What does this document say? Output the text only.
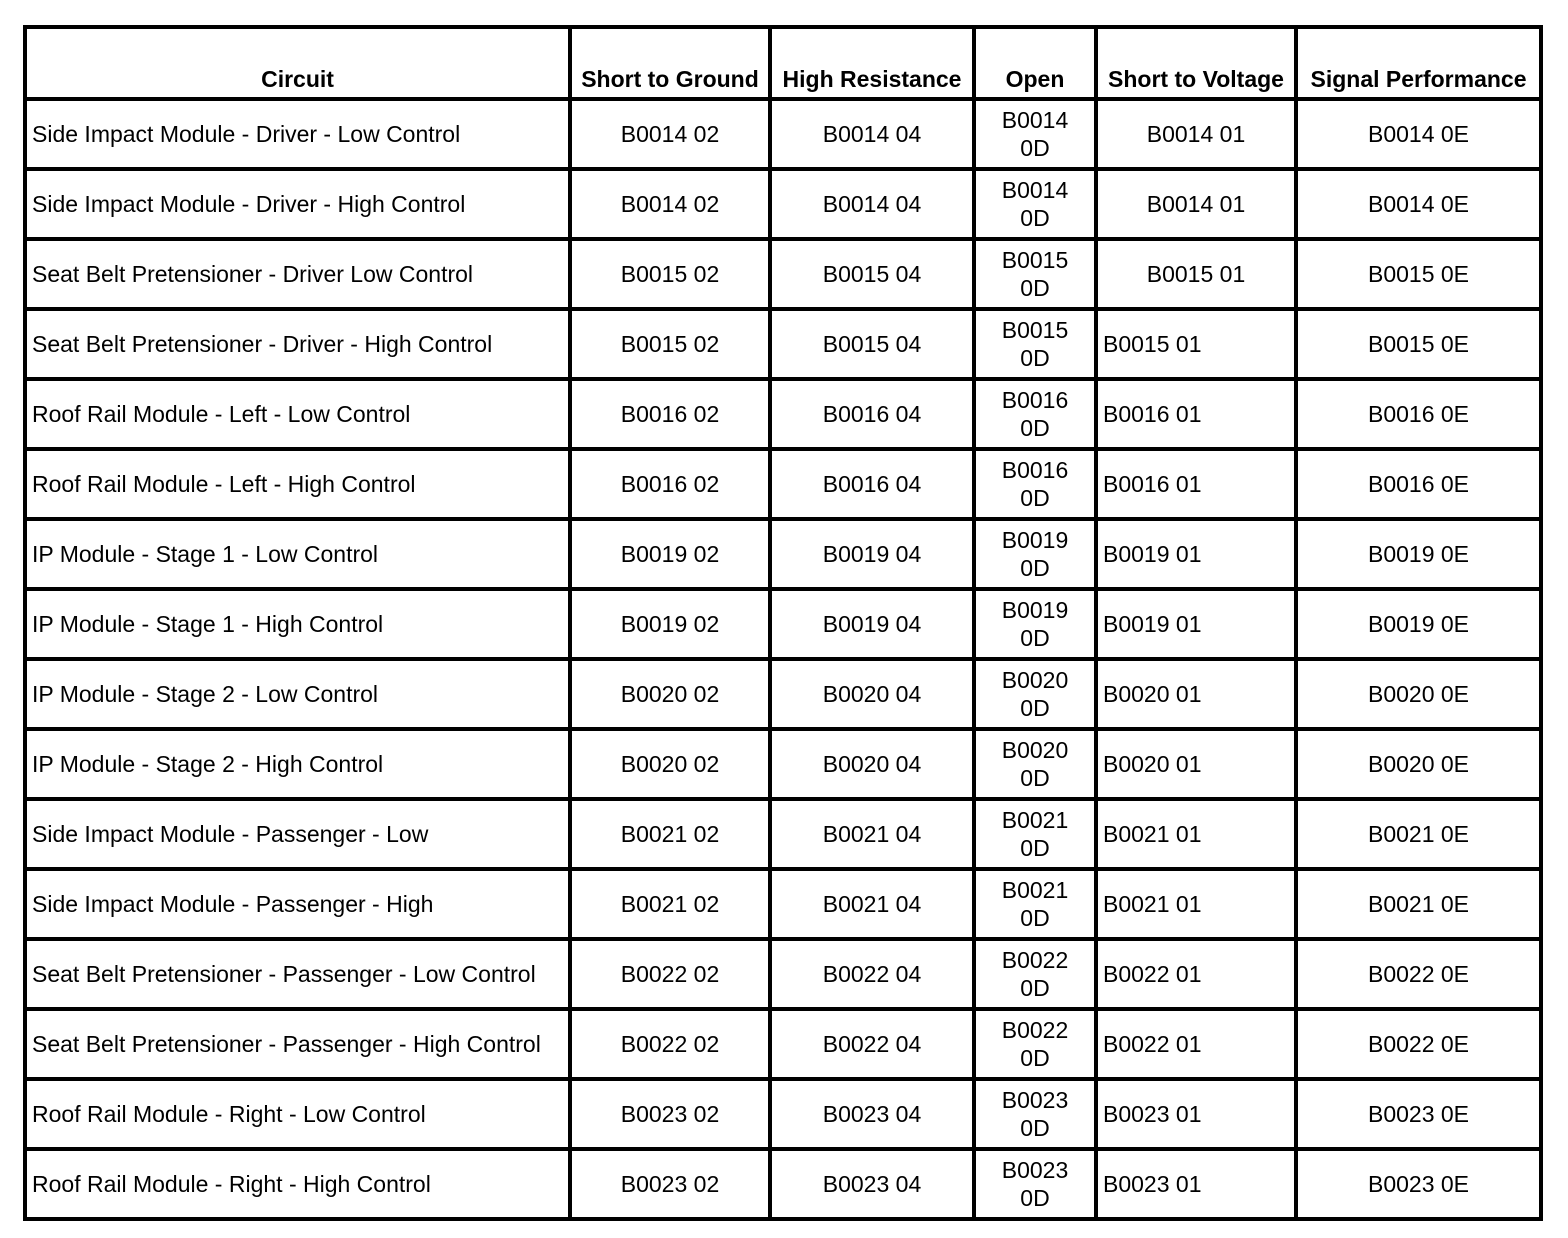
Circuit	Short to Ground	High Resistance	Open	Short to Voltage	Signal Performance
Side Impact Module - Driver - Low Control	B0014 02	B0014 04	B0014 0D	B0014 01	B0014 0E
Side Impact Module - Driver - High Control	B0014 02	B0014 04	B0014 0D	B0014 01	B0014 0E
Seat Belt Pretensioner - Driver Low Control	B0015 02	B0015 04	B0015 0D	B0015 01	B0015 0E
Seat Belt Pretensioner - Driver - High Control	B0015 02	B0015 04	B0015 0D	B0015 01	B0015 0E
Roof Rail Module - Left - Low Control	B0016 02	B0016 04	B0016 0D	B0016 01	B0016 0E
Roof Rail Module - Left - High Control	B0016 02	B0016 04	B0016 0D	B0016 01	B0016 0E
IP Module - Stage 1 - Low Control	B0019 02	B0019 04	B0019 0D	B0019 01	B0019 0E
IP Module - Stage 1 - High Control	B0019 02	B0019 04	B0019 0D	B0019 01	B0019 0E
IP Module - Stage 2 - Low Control	B0020 02	B0020 04	B0020 0D	B0020 01	B0020 0E
IP Module - Stage 2 - High Control	B0020 02	B0020 04	B0020 0D	B0020 01	B0020 0E
Side Impact Module - Passenger - Low	B0021 02	B0021 04	B0021 0D	B0021 01	B0021 0E
Side Impact Module - Passenger - High	B0021 02	B0021 04	B0021 0D	B0021 01	B0021 0E
Seat Belt Pretensioner - Passenger - Low Control	B0022 02	B0022 04	B0022 0D	B0022 01	B0022 0E
Seat Belt Pretensioner - Passenger - High Control	B0022 02	B0022 04	B0022 0D	B0022 01	B0022 0E
Roof Rail Module - Right - Low Control	B0023 02	B0023 04	B0023 0D	B0023 01	B0023 0E
Roof Rail Module - Right - High Control	B0023 02	B0023 04	B0023 0D	B0023 01	B0023 0E
